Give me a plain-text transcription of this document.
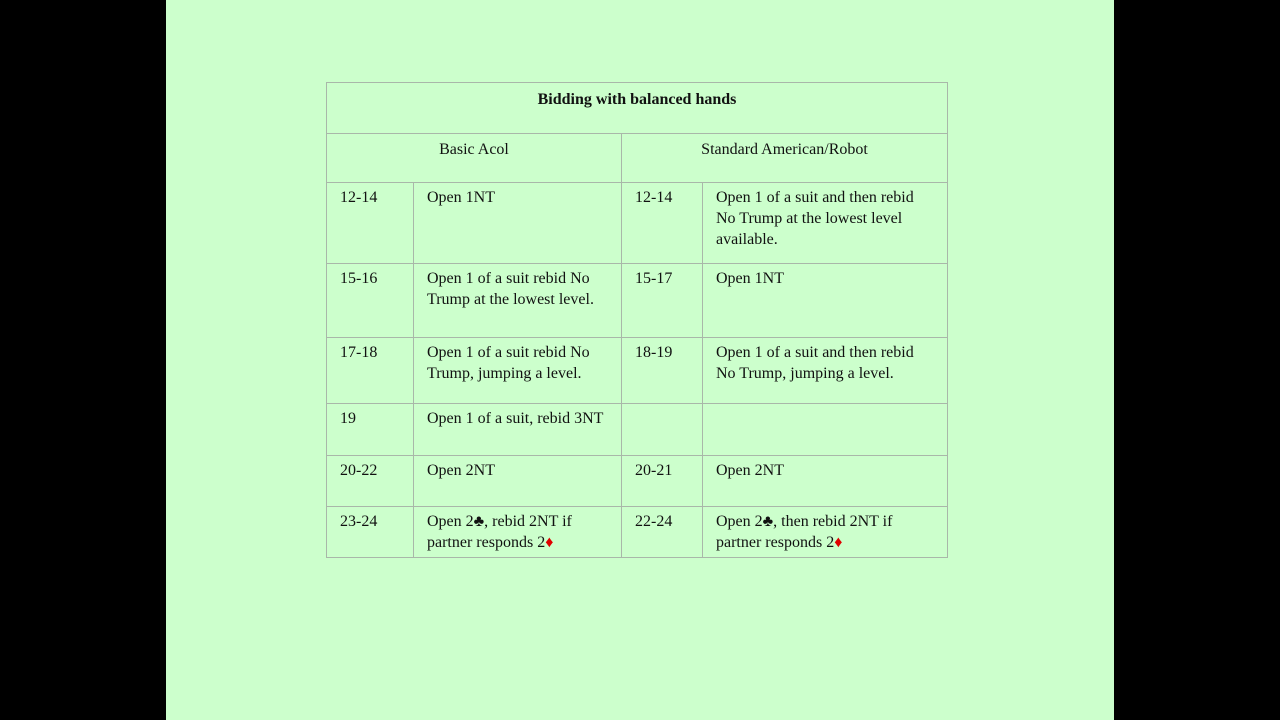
Bidding with balanced hands			

Basic Acol		Standard American/Robot	

12-14	Open 1NT	12-14	Open 1 of a suit and then rebid No Trump at the lowest level available.

15-16	Open 1 of a suit rebid No Trump at the lowest level.	15-17	Open 1NT

17-18	Open 1 of a suit rebid No Trump, jumping a level.	18-19	Open 1 of a suit and then rebid No Trump, jumping a level.

19	Open 1 of a suit, rebid 3NT		

20-22	Open 2NT	20-21	Open 2NT

23-24	Open 2♣, rebid 2NT if partner responds 2♦	22-24	Open 2♣, then rebid 2NT if partner responds 2♦
